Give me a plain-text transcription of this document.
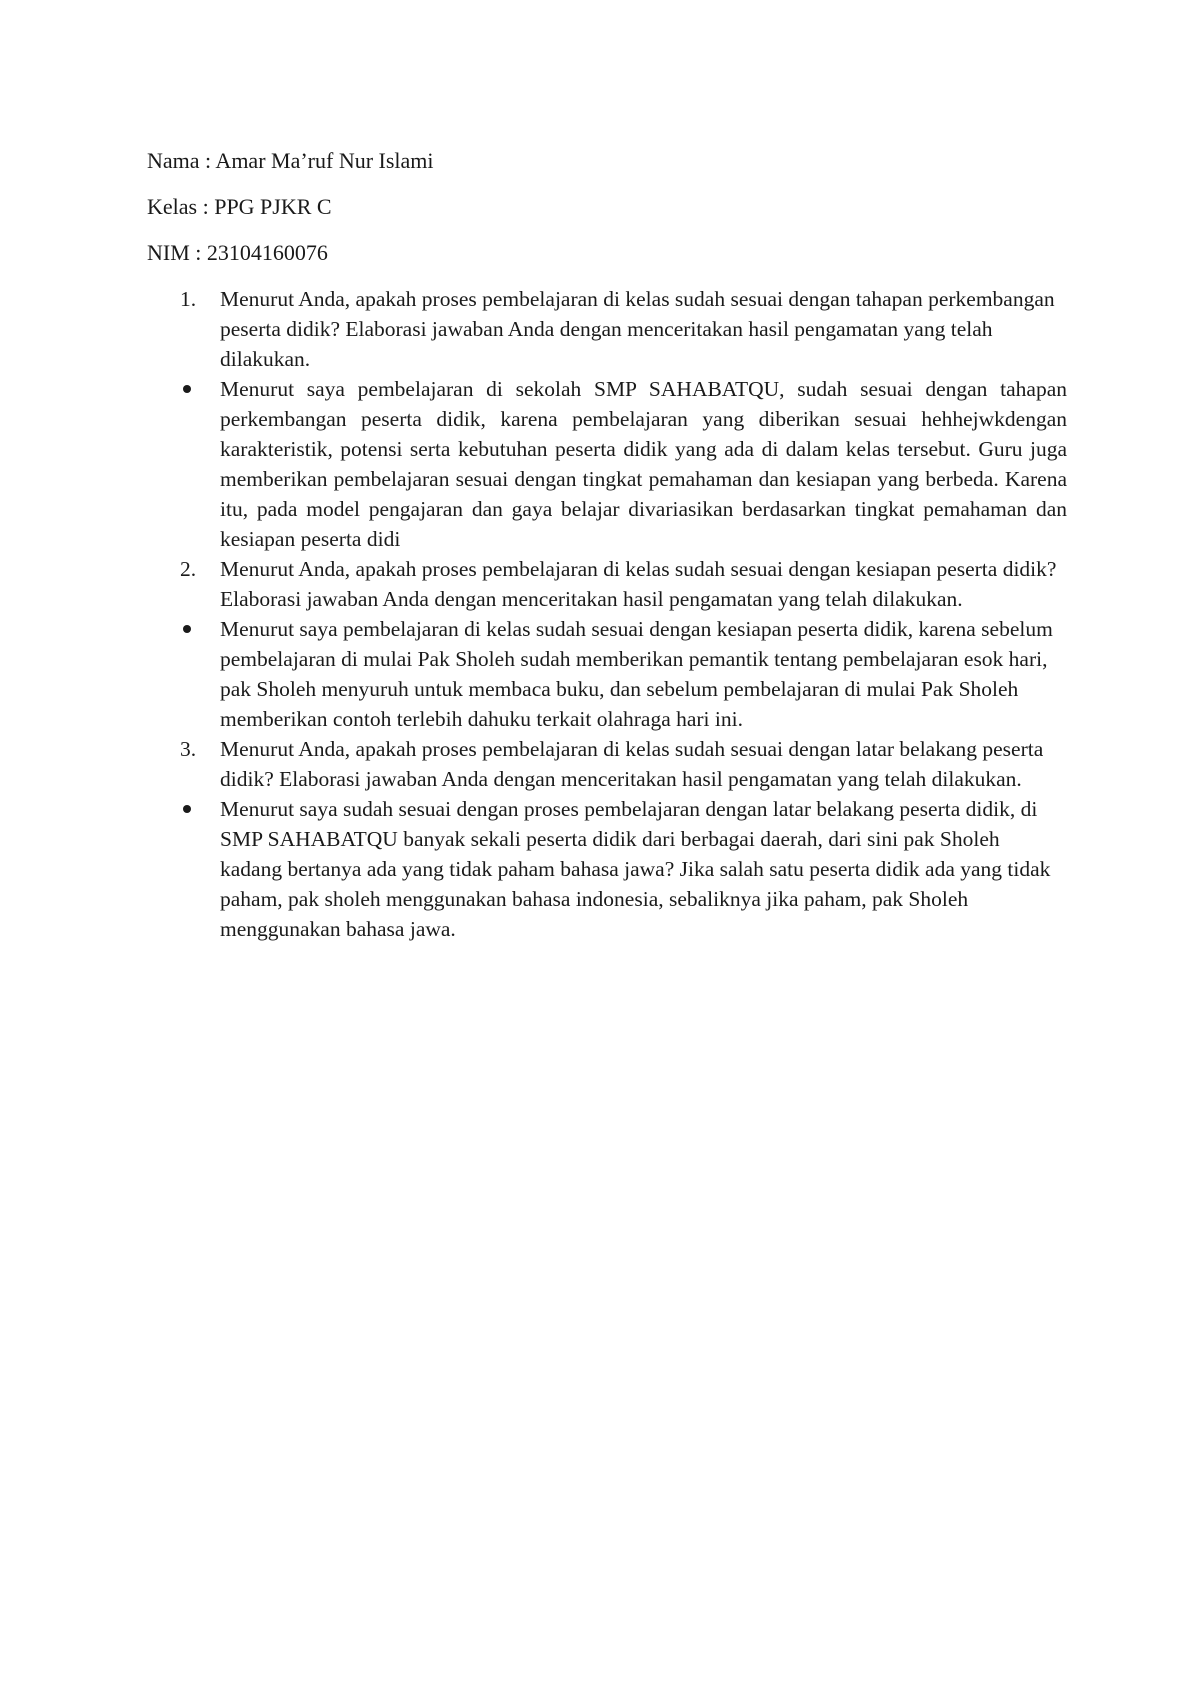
Nama : Amar Ma’ruf Nur Islami
Kelas : PPG PJKR C
NIM : 23104160076
1.	Menurut Anda, apakah proses pembelajaran di kelas sudah sesuai dengan tahapan perkembangan peserta didik? Elaborasi jawaban Anda dengan menceritakan hasil pengamatan yang telah dilakukan.
Menurut saya pembelajaran di sekolah SMP SAHABATQU, sudah sesuai dengan tahapan perkembangan peserta didik, karena pembelajaran yang diberikan sesuai hehhejwkdengan karakteristik, potensi serta kebutuhan peserta didik yang ada di dalam kelas tersebut. Guru juga memberikan pembelajaran sesuai dengan tingkat pemahaman dan kesiapan yang berbeda. Karena itu, pada model pengajaran dan gaya belajar divariasikan berdasarkan tingkat pemahaman dan kesiapan peserta didi
2.	Menurut Anda, apakah proses pembelajaran di kelas sudah sesuai dengan kesiapan peserta didik? Elaborasi jawaban Anda dengan menceritakan hasil pengamatan yang telah dilakukan.
Menurut saya pembelajaran di kelas sudah sesuai dengan kesiapan peserta didik, karena sebelum pembelajaran di mulai Pak Sholeh sudah memberikan pemantik tentang pembelajaran esok hari, pak Sholeh menyuruh untuk membaca buku, dan sebelum pembelajaran di mulai Pak Sholeh memberikan contoh terlebih dahuku terkait olahraga hari ini.
3.	Menurut Anda, apakah proses pembelajaran di kelas sudah sesuai dengan latar belakang peserta didik? Elaborasi jawaban Anda dengan menceritakan hasil pengamatan yang telah dilakukan.
Menurut saya sudah sesuai dengan proses pembelajaran dengan latar belakang peserta didik, di SMP SAHABATQU banyak sekali peserta didik dari berbagai daerah, dari sini pak Sholeh kadang bertanya ada yang tidak paham bahasa jawa? Jika salah satu peserta didik ada yang tidak paham, pak sholeh menggunakan bahasa indonesia, sebaliknya jika paham, pak Sholeh menggunakan bahasa jawa.
